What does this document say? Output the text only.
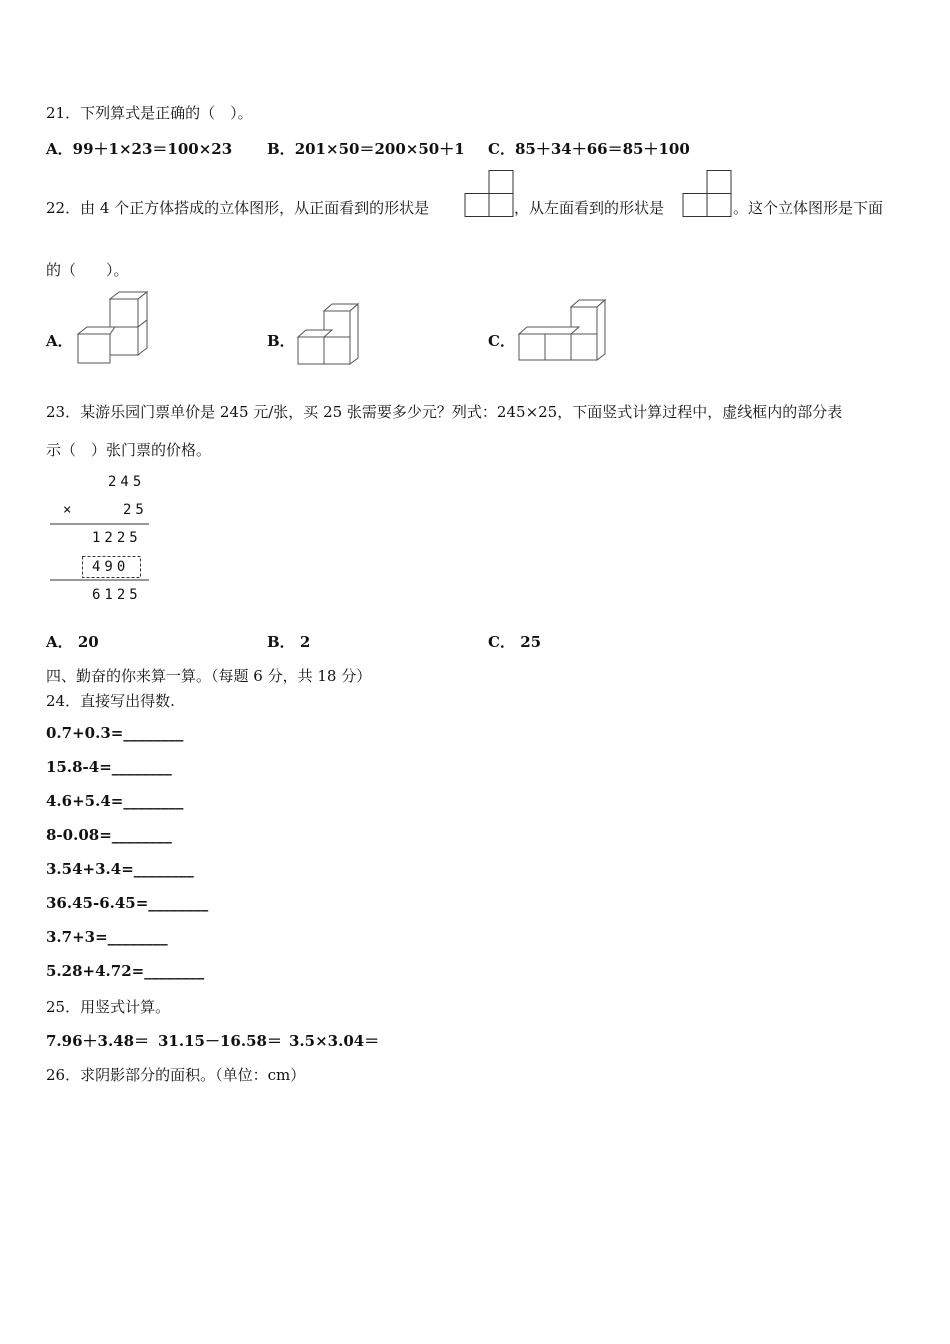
21．下列算式是正确的（　）。
A．99＋1×23＝100×23 B．201×50＝200×50＋1 C．85＋34＋66＝85＋100
22．由 4 个正方体搭成的立体图形，从正面看到的形状是	，从左面看到的形状是	。这个立体图形是下面
的（　　）。
A．	B．	C．
23．某游乐园门票单价是 245 元/张，买 25 张需要多少元？列式：245×25，下面竖式计算过程中，虚线框内的部分表
示（　）张门票的价格。
245
×	25
1225
490
6125
A． 20	B． 2	C． 25
四、勤奋的你来算一算。（每题 6 分，共 18 分）
24．直接写出得数.
0.7+0.3=________
15.8-4=________
4.6+5.4=________
8-0.08=________
3.54+3.4=________
36.45-6.45=________
3.7+3=________
5.28+4.72=________
25．用竖式计算。
7.96＋3.48＝ 31.15－16.58＝ 3.5×3.04＝
26．求阴影部分的面积。（单位：cm）
